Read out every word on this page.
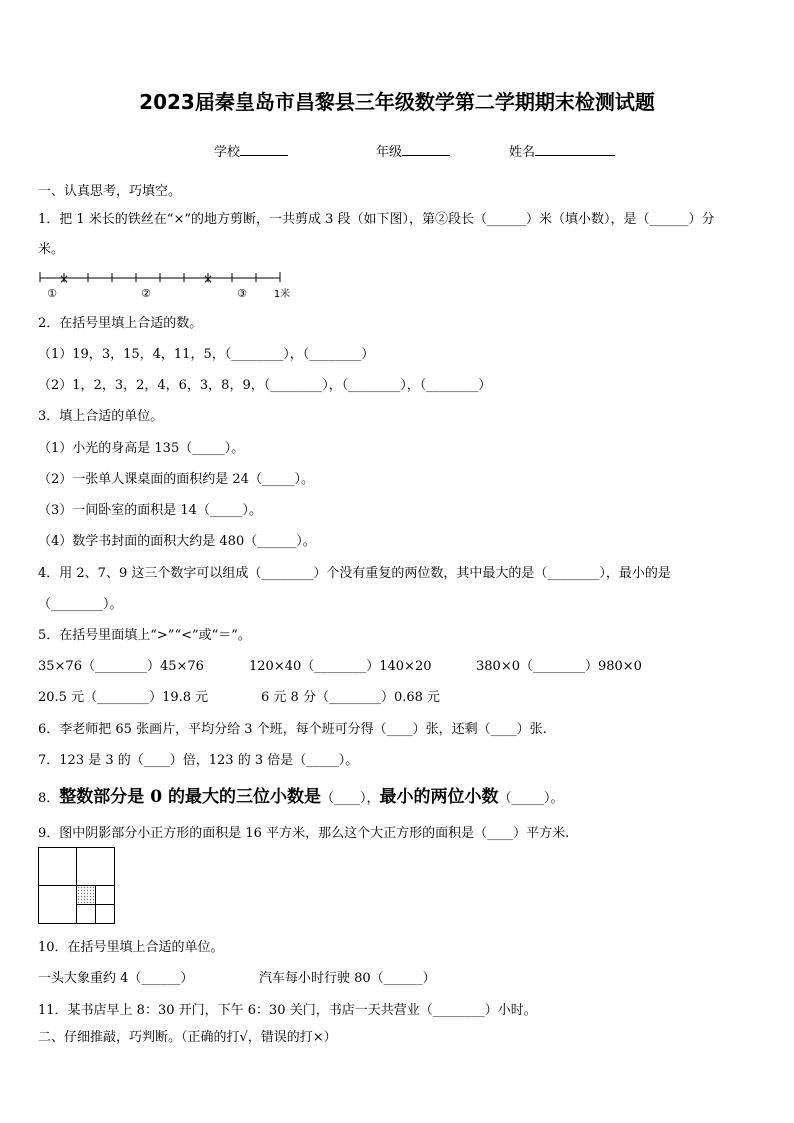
2023届秦皇岛市昌黎县三年级数学第二学期期末检测试题
学校	年级	姓名
一、认真思考，巧填空。
1．把 1 米长的铁丝在“×”的地方剪断，一共剪成 3 段（如下图），第②段长（______）米（填小数），是（______）分
米。
×	×
①	②	③	1米
2．在括号里填上合适的数。
（1）19，3，15，4，11，5，（________），（________）
（2）1，2，3，2，4，6，3，8，9，（________），（________），（________）
3．填上合适的单位。
（1）小光的身高是 135（_____）。
（2）一张单人课桌面的面积约是 24（_____）。
（3）一间卧室的面积是 14（_____）。
（4）数学书封面的面积大约是 480（______）。
4．用 2、7、9 这三个数字可以组成（________）个没有重复的两位数，其中最大的是（________），最小的是
（________）。
5．在括号里面填上“>”“<”或“＝”。
35×76（________）45×76	120×40（________）140×20	380×0（________）980×0
20.5 元（________）19.8 元	6 元 8 分（________）0.68 元
6．李老师把 65 张画片，平均分给 3 个班，每个班可分得（____）张，还剩（____）张.
7．123 是 3 的（____）倍，123 的 3 倍是（_____）。
8．整数部分是 0 的最大的三位小数是（____），最小的两位小数（_____）。
9．图中阴影部分小正方形的面积是 16 平方米，那么这个大正方形的面积是（____）平方米.
10．在括号里填上合适的单位。
一头大象重约 4（______）	汽车每小时行驶 80（______）
11．某书店早上 8：30 开门，下午 6：30 关门，书店一天共营业（________）小时。
二、仔细推敲，巧判断。（正确的打√，错误的打×）
